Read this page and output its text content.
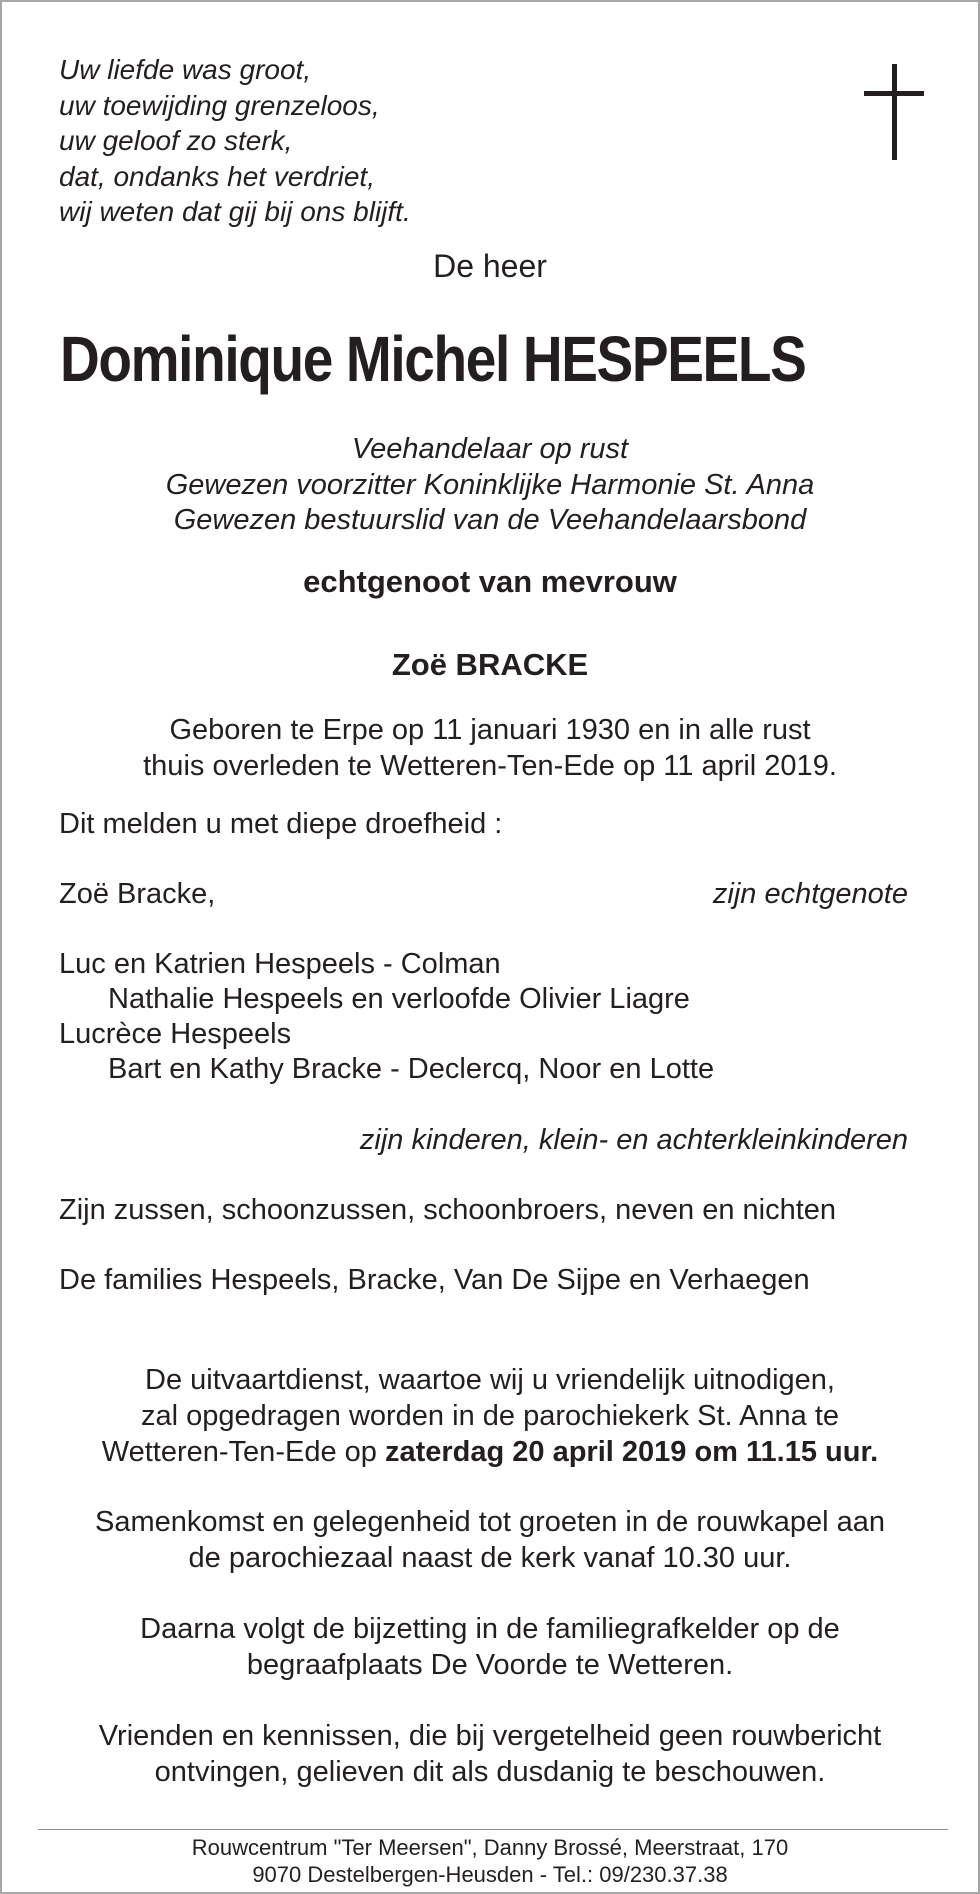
Uw liefde was groot,
uw toewijding grenzeloos,
uw geloof zo sterk,
dat, ondanks het verdriet,
wij weten dat gij bij ons blijft.
De heer
Dominique Michel HESPEELS
Veehandelaar op rust
Gewezen voorzitter Koninklijke Harmonie St. Anna
Gewezen bestuurslid van de Veehandelaarsbond
echtgenoot van mevrouw
Zoë BRACKE
Geboren te Erpe op 11 januari 1930 en in alle rust
thuis overleden te Wetteren-Ten-Ede op 11 april 2019.
Dit melden u met diepe droefheid :
Zoë Bracke,	zijn echtgenote
Luc en Katrien Hespeels - Colman
Nathalie Hespeels en verloofde Olivier Liagre
Lucrèce Hespeels
Bart en Kathy Bracke - Declercq, Noor en Lotte
zijn kinderen, klein- en achterkleinkinderen
Zijn zussen, schoonzussen, schoonbroers, neven en nichten
De families Hespeels, Bracke, Van De Sijpe en Verhaegen
De uitvaartdienst, waartoe wij u vriendelijk uitnodigen,
zal opgedragen worden in de parochiekerk St. Anna te
Wetteren-Ten-Ede op zaterdag 20 april 2019 om 11.15 uur.
Samenkomst en gelegenheid tot groeten in de rouwkapel aan
de parochiezaal naast de kerk vanaf 10.30 uur.
Daarna volgt de bijzetting in de familiegrafkelder op de
begraafplaats De Voorde te Wetteren.
Vrienden en kennissen, die bij vergetelheid geen rouwbericht
ontvingen, gelieven dit als dusdanig te beschouwen.
Rouwcentrum "Ter Meersen", Danny Brossé, Meerstraat, 170
9070 Destelbergen-Heusden - Tel.: 09/230.37.38
